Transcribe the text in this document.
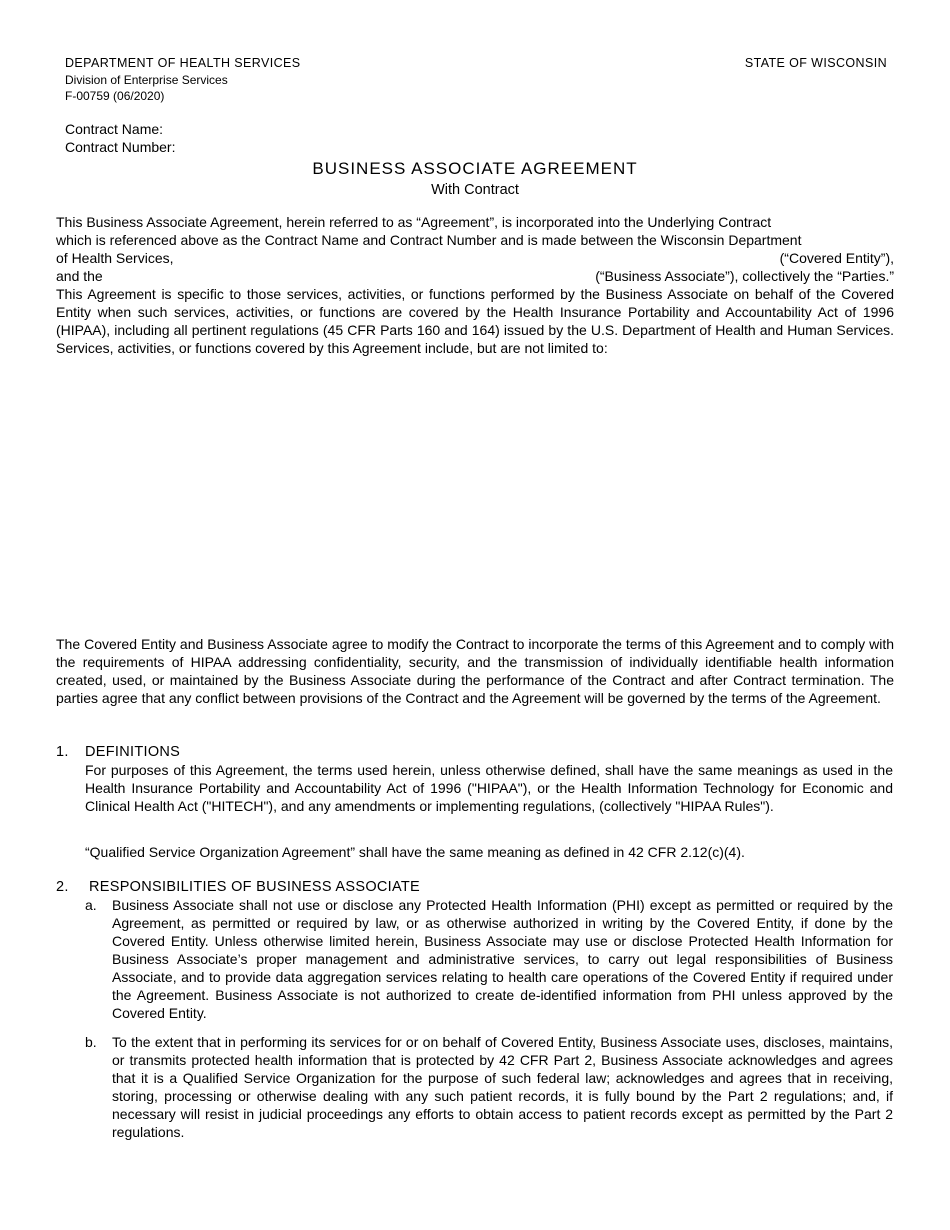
DEPARTMENT OF HEALTH SERVICES
Division of Enterprise Services
F-00759 (06/2020)
STATE OF WISCONSIN
Contract Name:
Contract Number:
BUSINESS ASSOCIATE AGREEMENT
With Contract
This Business Associate Agreement, herein referred to as “Agreement”, is incorporated into the Underlying Contract
which is referenced above as the Contract Name and Contract Number and is made between the Wisconsin Department
of Health Services,	(“Covered Entity”),
and the	(“Business Associate”), collectively the “Parties.”
This Agreement is specific to those services, activities, or functions performed by the Business Associate on behalf of the Covered Entity when such services, activities, or functions are covered by the Health Insurance Portability and Accountability Act of 1996 (HIPAA), including all pertinent regulations (45 CFR Parts 160 and 164) issued by the U.S. Department of Health and Human Services. Services, activities, or functions covered by this Agreement include, but are not limited to:
The Covered Entity and Business Associate agree to modify the Contract to incorporate the terms of this Agreement and to comply with the requirements of HIPAA addressing confidentiality, security, and the transmission of individually identifiable health information created, used, or maintained by the Business Associate during the performance of the Contract and after Contract termination. The parties agree that any conflict between provisions of the Contract and the Agreement will be governed by the terms of the Agreement.
1. DEFINITIONS
For purposes of this Agreement, the terms used herein, unless otherwise defined, shall have the same meanings as used in the Health Insurance Portability and Accountability Act of 1996 ("HIPAA"), or the Health Information Technology for Economic and Clinical Health Act ("HITECH"), and any amendments or implementing regulations, (collectively "HIPAA Rules").
“Qualified Service Organization Agreement” shall have the same meaning as defined in 42 CFR 2.12(c)(4).
2. RESPONSIBILITIES OF BUSINESS ASSOCIATE
a. Business Associate shall not use or disclose any Protected Health Information (PHI) except as permitted or required by the Agreement, as permitted or required by law, or as otherwise authorized in writing by the Covered Entity, if done by the Covered Entity. Unless otherwise limited herein, Business Associate may use or disclose Protected Health Information for Business Associate’s proper management and administrative services, to carry out legal responsibilities of Business Associate, and to provide data aggregation services relating to health care operations of the Covered Entity if required under the Agreement. Business Associate is not authorized to create de-identified information from PHI unless approved by the Covered Entity.
b. To the extent that in performing its services for or on behalf of Covered Entity, Business Associate uses, discloses, maintains, or transmits protected health information that is protected by 42 CFR Part 2, Business Associate acknowledges and agrees that it is a Qualified Service Organization for the purpose of such federal law; acknowledges and agrees that in receiving, storing, processing or otherwise dealing with any such patient records, it is fully bound by the Part 2 regulations; and, if necessary will resist in judicial proceedings any efforts to obtain access to patient records except as permitted by the Part 2 regulations.
